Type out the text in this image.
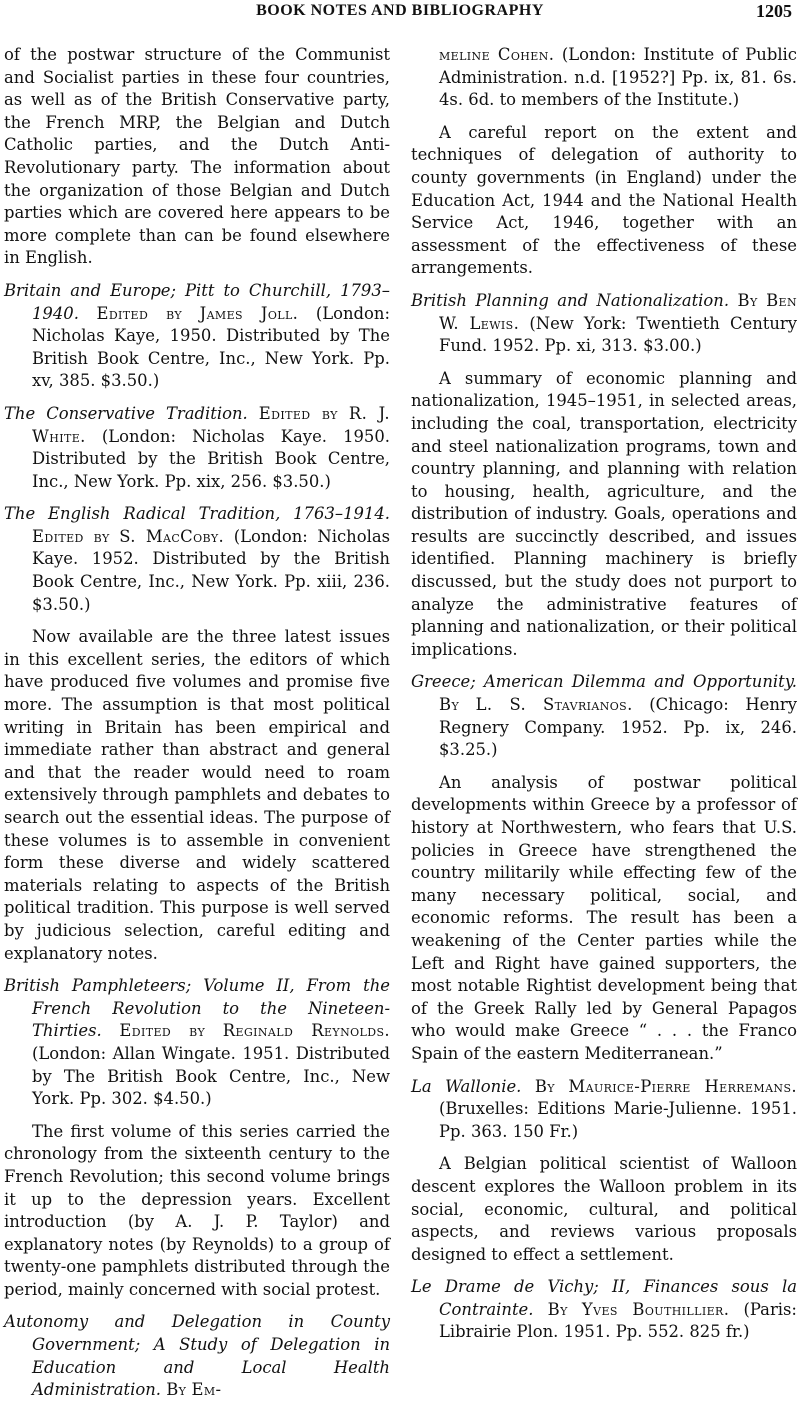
BOOK NOTES AND BIBLIOGRAPHY	1205

of the postwar structure of the Communist and Socialist parties in these four countries, as well as of the British Conservative party, the French MRP, the Belgian and Dutch Catholic parties, and the Dutch Anti-Revolutionary party. The information about the organization of those Belgian and Dutch parties which are covered here appears to be more complete than can be found elsewhere in English.

Britain and Europe; Pitt to Churchill, 1793–1940. Edited by James Joll. (London: Nicholas Kaye, 1950. Distributed by The British Book Centre, Inc., New York. Pp. xv, 385. $3.50.)

The Conservative Tradition. Edited by R. J. White. (London: Nicholas Kaye. 1950. Distributed by the British Book Centre, Inc., New York. Pp. xix, 256. $3.50.)

The English Radical Tradition, 1763–1914. Edited by S. MacCoby. (London: Nicholas Kaye. 1952. Distributed by the British Book Centre, Inc., New York. Pp. xiii, 236. $3.50.)

Now available are the three latest issues in this excellent series, the editors of which have produced five volumes and promise five more. The assumption is that most political writing in Britain has been empirical and immediate rather than abstract and general and that the reader would need to roam extensively through pamphlets and debates to search out the essential ideas. The purpose of these volumes is to assemble in convenient form these diverse and widely scattered materials relating to aspects of the British political tradition. This purpose is well served by judicious selection, careful editing and explanatory notes.

British Pamphleteers; Volume II, From the French Revolution to the Nineteen-Thirties. Edited by Reginald Reynolds. (London: Allan Wingate. 1951. Distributed by The British Book Centre, Inc., New York. Pp. 302. $4.50.)

The first volume of this series carried the chronology from the sixteenth century to the French Revolution; this second volume brings it up to the depression years. Excellent introduction (by A. J. P. Taylor) and explanatory notes (by Reynolds) to a group of twenty-one pamphlets distributed through the period, mainly concerned with social protest.

Autonomy and Delegation in County Government; A Study of Delegation in Education and Local Health Administration. By Em-

meline Cohen. (London: Institute of Public Administration. n.d. [1952?] Pp. ix, 81. 6s. 4s. 6d. to members of the Institute.)

A careful report on the extent and techniques of delegation of authority to county governments (in England) under the Education Act, 1944 and the National Health Service Act, 1946, together with an assessment of the effectiveness of these arrangements.

British Planning and Nationalization. By Ben W. Lewis. (New York: Twentieth Century Fund. 1952. Pp. xi, 313. $3.00.)

A summary of economic planning and nationalization, 1945–1951, in selected areas, including the coal, transportation, electricity and steel nationalization programs, town and country planning, and planning with relation to housing, health, agriculture, and the distribution of industry. Goals, operations and results are succinctly described, and issues identified. Planning machinery is briefly discussed, but the study does not purport to analyze the administrative features of planning and nationalization, or their political implications.

Greece; American Dilemma and Opportunity. By L. S. Stavrianos. (Chicago: Henry Regnery Company. 1952. Pp. ix, 246. $3.25.)

An analysis of postwar political developments within Greece by a professor of history at Northwestern, who fears that U.S. policies in Greece have strengthened the country militarily while effecting few of the many necessary political, social, and economic reforms. The result has been a weakening of the Center parties while the Left and Right have gained supporters, the most notable Rightist development being that of the Greek Rally led by General Papagos who would make Greece “ . . . the Franco Spain of the eastern Mediterranean.”

La Wallonie. By Maurice-Pierre Herremans. (Bruxelles: Editions Marie-Julienne. 1951. Pp. 363. 150 Fr.)

A Belgian political scientist of Walloon descent explores the Walloon problem in its social, economic, cultural, and political aspects, and reviews various proposals designed to effect a settlement.

Le Drame de Vichy; II, Finances sous la Contrainte. By Yves Bouthillier. (Paris: Librairie Plon. 1951. Pp. 552. 825 fr.)
